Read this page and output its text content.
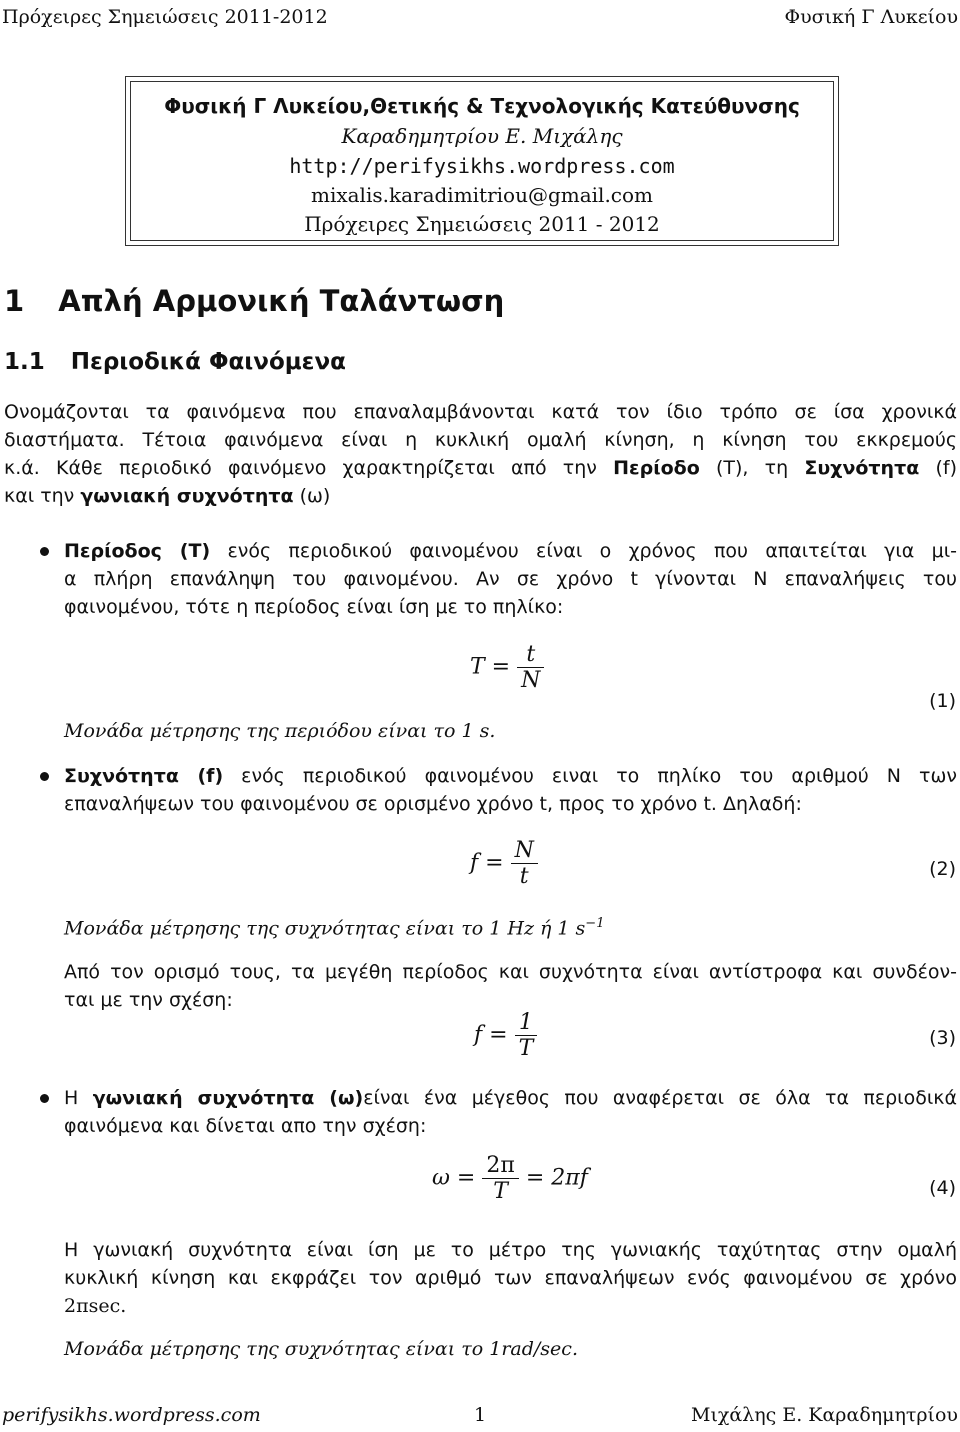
Πρόχειρες Σημειώσεις 2011-2012	Φυσική Γ Λυκείου
Φυσική Γ Λυκείου,Θετικής & Τεχνολογικής Κατεύθυνσης
Καραδημητρίου Ε. Μιχάλης
http://perifysikhs.wordpress.com
mixalis.karadimitriou@gmail.com
Πρόχειρες Σημειώσεις 2011 - 2012
1 Απλή Αρμονική Ταλάντωση
1.1 Περιοδικά Φαινόμενα
Ονομάζονται τα φαινόμενα που επαναλαμβάνονται κατά τον ίδιο τρόπο σε ίσα χρονικά
διαστήματα. Τέτοια φαινόμενα είναι η κυκλική ομαλή κίνηση, η κίνηση του εκκρεμούς
κ.ά. Κάθε περιοδικό φαινόμενο χαρακτηρίζεται από την Περίοδο (T), τη Συχνότητα (f)
και την γωνιακή συχνότητα (ω)
Περίοδος (T) ενός περιοδικού φαινομένου είναι ο χρόνος που απαιτείται για μι-
α πλήρη επανάληψη του φαινομένου. Αν σε χρόνο t γίνονται N επαναλήψεις του
φαινομένου, τότε η περίοδος είναι ίση με το πηλίκο:
$T = \frac{t}{N}$
(1)
Μονάδα μέτρησης της περιόδου είναι το 1 s.
Συχνότητα (f) ενός περιοδικού φαινομένου ειναι το πηλίκο του αριθμού N των
επαναλήψεων του φαινομένου σε ορισμένο χρόνο t, προς το χρόνο t. Δηλαδή:
$f = \frac{N}{t}$	(2)
Μονάδα μέτρησης της συχνότητας είναι το 1 Hz ή 1 $s^{-1}$
Από τον ορισμό τους, τα μεγέθη περίοδος και συχνότητα είναι αντίστροφα και συνδέον-
ται με την σχέση:
$f = \frac{1}{T}$	(3)
Η γωνιακή συχνότητα (ω)είναι ένα μέγεθος που αναφέρεται σε όλα τα περιοδικά
φαινόμενα και δίνεται απο την σχέση:
$\omega = \frac{2\pi}{T} = 2\pi f$	(4)
Η γωνιακή συχνότητα είναι ίση με το μέτρο της γωνιακής ταχύτητας στην ομαλή
κυκλική κίνηση και εκφράζει τον αριθμό των επαναλήψεων ενός φαινομένου σε χρόνο
2πsec.
Μονάδα μέτρησης της συχνότητας είναι το 1rad/sec.
perifysikhs.wordpress.com	1	Μιχάλης Ε. Καραδημητρίου
